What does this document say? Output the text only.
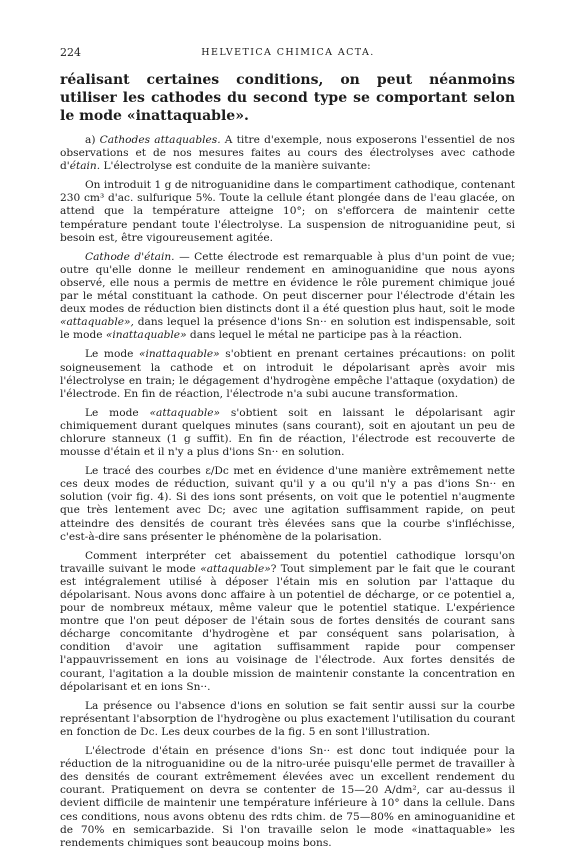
224	HELVETICA CHIMICA ACTA.

réalisant certaines conditions, on peut néanmoins utiliser les cathodes du second type se comportant selon le mode «inattaquable».

a) Cathodes attaquables. A titre d'exemple, nous exposerons l'essentiel de nos observations et de nos mesures faites au cours des électrolyses avec cathode d'étain. L'électrolyse est conduite de la manière suivante:

On introduit 1 g de nitroguanidine dans le compartiment cathodique, contenant 230 cm³ d'ac. sulfurique 5%. Toute la cellule étant plongée dans de l'eau glacée, on attend que la température atteigne 10°; on s'efforcera de maintenir cette température pendant toute l'électrolyse. La suspension de nitroguanidine peut, si besoin est, être vigoureusement agitée.

Cathode d'étain. — Cette électrode est remarquable à plus d'un point de vue; outre qu'elle donne le meilleur rendement en aminoguanidine que nous ayons observé, elle nous a permis de mettre en évidence le rôle purement chimique joué par le métal constituant la cathode. On peut discerner pour l'électrode d'étain les deux modes de réduction bien distincts dont il a été question plus haut, soit le mode «attaquable», dans lequel la présence d'ions Sn·· en solution est indispensable, soit le mode «inattaquable» dans lequel le métal ne participe pas à la réaction.

Le mode «inattaquable» s'obtient en prenant certaines précautions: on polit soigneusement la cathode et on introduit le dépolarisant après avoir mis l'électrolyse en train; le dégagement d'hydrogène empêche l'attaque (oxydation) de l'électrode. En fin de réaction, l'électrode n'a subi aucune transformation.

Le mode «attaquable» s'obtient soit en laissant le dépolarisant agir chimiquement durant quelques minutes (sans courant), soit en ajoutant un peu de chlorure stanneux (1 g suffit). En fin de réaction, l'électrode est recouverte de mousse d'étain et il n'y a plus d'ions Sn·· en solution.

Le tracé des courbes ε/Dc met en évidence d'une manière extrêmement nette ces deux modes de réduction, suivant qu'il y a ou qu'il n'y a pas d'ions Sn·· en solution (voir fig. 4). Si des ions sont présents, on voit que le potentiel n'augmente que très lentement avec Dc; avec une agitation suffisamment rapide, on peut atteindre des densités de courant très élevées sans que la courbe s'infléchisse, c'est-à-dire sans présenter le phénomène de la polarisation.

Comment interpréter cet abaissement du potentiel cathodique lorsqu'on travaille suivant le mode «attaquable»? Tout simplement par le fait que le courant est intégralement utilisé à déposer l'étain mis en solution par l'attaque du dépolarisant. Nous avons donc affaire à un potentiel de décharge, or ce potentiel a, pour de nombreux métaux, même valeur que le potentiel statique. L'expérience montre que l'on peut déposer de l'étain sous de fortes densités de courant sans décharge concomitante d'hydrogène et par conséquent sans polarisation, à condition d'avoir une agitation suffisamment rapide pour compenser l'appauvrissement en ions au voisinage de l'électrode. Aux fortes densités de courant, l'agitation a la double mission de maintenir constante la concentration en dépolarisant et en ions Sn··.

La présence ou l'absence d'ions en solution se fait sentir aussi sur la courbe représentant l'absorption de l'hydrogène ou plus exactement l'utilisation du courant en fonction de Dc. Les deux courbes de la fig. 5 en sont l'illustration.

L'électrode d'étain en présence d'ions Sn·· est donc tout indiquée pour la réduction de la nitroguanidine ou de la nitro-urée puisqu'elle permet de travailler à des densités de courant extrêmement élevées avec un excellent rendement du courant. Pratiquement on devra se contenter de 15—20 A/dm², car au-dessus il devient difficile de maintenir une température inférieure à 10° dans la cellule. Dans ces conditions, nous avons obtenu des rdts chim. de 75—80% en aminoguanidine et de 70% en semicarbazide. Si l'on travaille selon le mode «inattaquable» les rendements chimiques sont beaucoup moins bons.
